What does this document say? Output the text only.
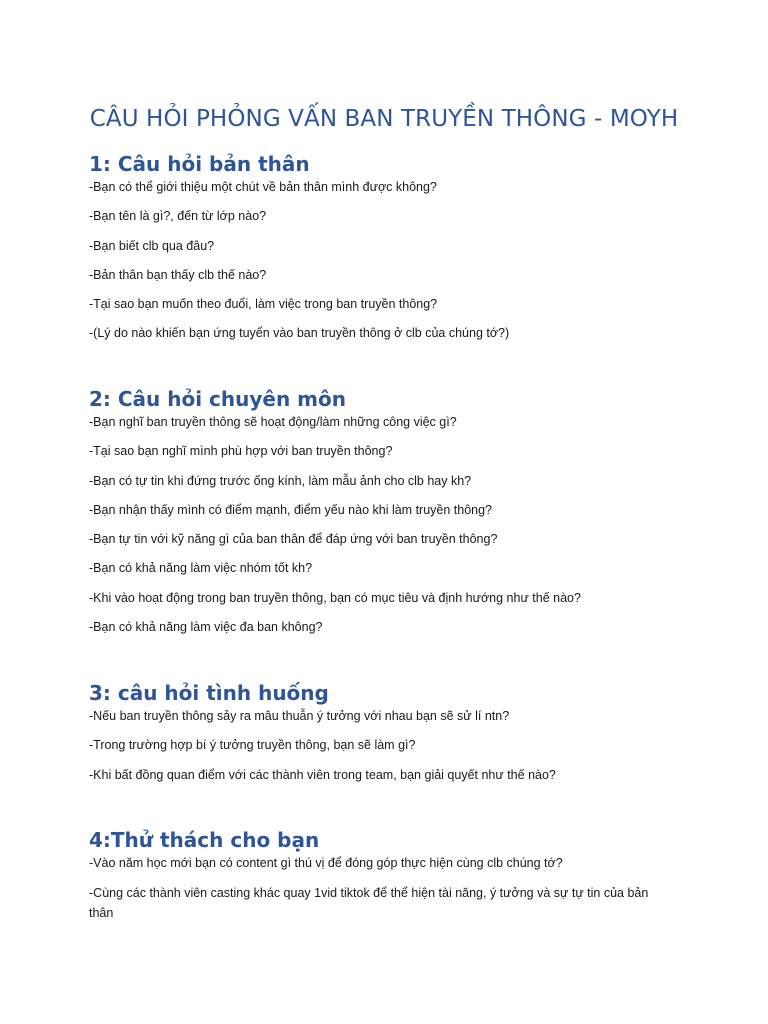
CÂU HỎI PHỎNG VẤN BAN TRUYỀN THÔNG - MOYH
1: Câu hỏi bản thân
-Bạn có thể giới thiệu một chút về bản thân mình được không?
-Bạn tên là gì?, đến từ lớp nào?
-Bạn biết clb qua đâu?
-Bản thân bạn thấy clb thế nào?
-Tại sao bạn muốn theo đuổi, làm việc trong ban truyền thông?
-(Lý do nào khiến bạn ứng tuyển vào ban truyền thông ở clb của chúng tớ?)
2: Câu hỏi chuyên môn
-Bạn nghĩ ban truyền thông sẽ hoạt động/làm những công việc gì?
-Tại sao bạn nghĩ mình phù hợp với ban truyền thông?
-Bạn có tự tin khi đứng trước ống kính, làm mẫu ảnh cho clb hay kh?
-Bạn nhận thấy mình có điểm mạnh, điểm yếu nào khi làm truyền thông?
-Bạn tự tin với kỹ năng gì của ban thân để đáp ứng với ban truyền thông?
-Bạn có khả năng làm việc nhóm tốt kh?
-Khi vào hoạt động trong ban truyền thông, bạn có mục tiêu và định hướng như thế nào?
-Bạn có khả năng làm việc đa ban không?
3: câu hỏi tình huống
-Nếu ban truyền thông sảy ra mâu thuẫn ý tưởng với nhau bạn sẽ sử lí ntn?
-Trong trường hợp bí ý tưởng truyền thông, bạn sẽ làm gì?
-Khi bất đồng quan điểm với các thành viên trong team, bạn giải quyết như thế nào?
4:Thử thách cho bạn
-Vào năm học mới bạn có content gì thú vị để đóng góp thực hiện cùng clb chúng tớ?
-Cùng các thành viên casting khác quay 1vid tiktok để thể hiện tài năng, ý tưởng và sự tự tin của bản thân
